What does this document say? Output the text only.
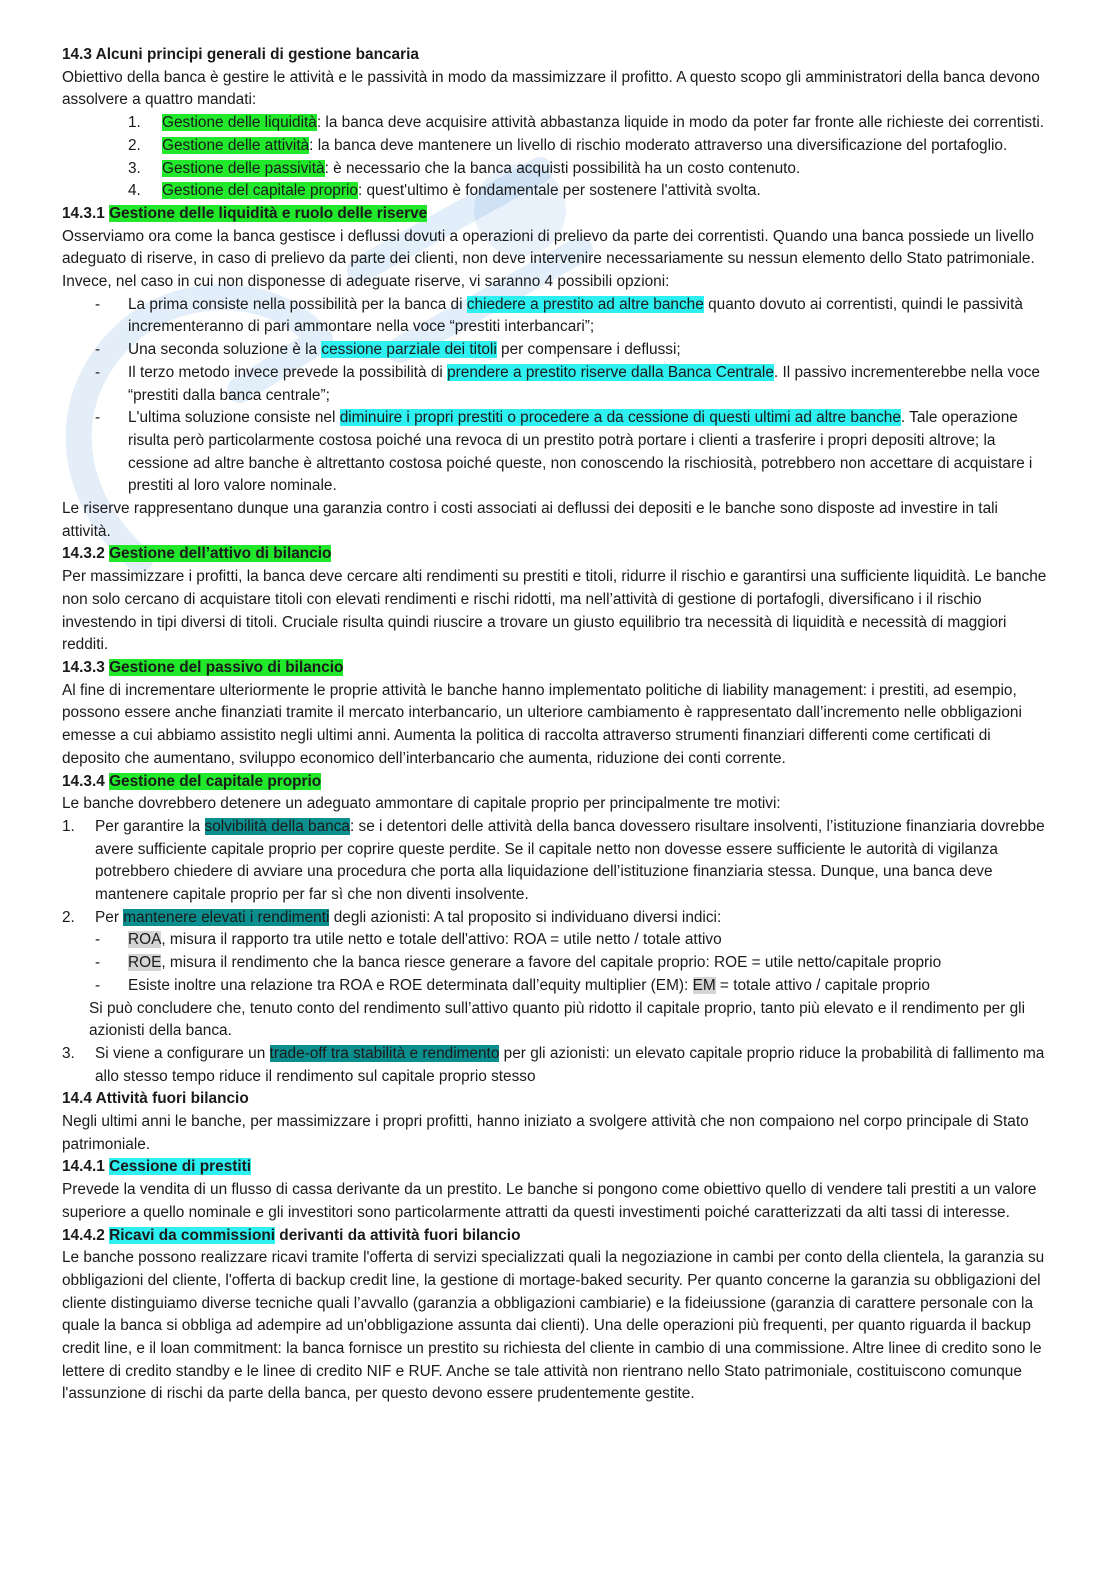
14.3 Alcuni principi generali di gestione bancaria

Obiettivo della banca è gestire le attività e le passività in modo da massimizzare il profitto. A questo scopo gli amministratori della banca devono assolvere a quattro mandati:

1. Gestione delle liquidità: la banca deve acquisire attività abbastanza liquide in modo da poter far fronte alle richieste dei correntisti.
2. Gestione delle attività: la banca deve mantenere un livello di rischio moderato attraverso una diversificazione del portafoglio.
3. Gestione delle passività: è necessario che la banca acquisti possibilità ha un costo contenuto.
4. Gestione del capitale proprio: quest'ultimo è fondamentale per sostenere l'attività svolta.

14.3.1 Gestione delle liquidità e ruolo delle riserve

Osserviamo ora come la banca gestisce i deflussi dovuti a operazioni di prelievo da parte dei correntisti. Quando una banca possiede un livello adeguato di riserve, in caso di prelievo da parte dei clienti, non deve intervenire necessariamente su nessun elemento dello Stato patrimoniale. Invece, nel caso in cui non disponesse di adeguate riserve, vi saranno 4 possibili opzioni:

- La prima consiste nella possibilità per la banca di chiedere a prestito ad altre banche quanto dovuto ai correntisti, quindi le passività incrementeranno di pari ammontare nella voce “prestiti interbancari”;
- Una seconda soluzione è la cessione parziale dei titoli per compensare i deflussi;
- Il terzo metodo invece prevede la possibilità di prendere a prestito riserve dalla Banca Centrale. Il passivo incrementerebbe nella voce “prestiti dalla banca centrale”;
- L'ultima soluzione consiste nel diminuire i propri prestiti o procedere a da cessione di questi ultimi ad altre banche. Tale operazione risulta però particolarmente costosa poiché una revoca di un prestito potrà portare i clienti a trasferire i propri depositi altrove; la cessione ad altre banche è altrettanto costosa poiché queste, non conoscendo la rischiosità, potrebbero non accettare di acquistare i prestiti al loro valore nominale.

Le riserve rappresentano dunque una garanzia contro i costi associati ai deflussi dei depositi e le banche sono disposte ad investire in tali attività.

14.3.2 Gestione dell’attivo di bilancio

Per massimizzare i profitti, la banca deve cercare alti rendimenti su prestiti e titoli, ridurre il rischio e garantirsi una sufficiente liquidità. Le banche non solo cercano di acquistare titoli con elevati rendimenti e rischi ridotti, ma nell’attività di gestione di portafogli, diversificano i il rischio investendo in tipi diversi di titoli. Cruciale risulta quindi riuscire a trovare un giusto equilibrio tra necessità di liquidità e necessità di maggiori redditi.

14.3.3 Gestione del passivo di bilancio

Al fine di incrementare ulteriormente le proprie attività le banche hanno implementato politiche di liability management: i prestiti, ad esempio, possono essere anche finanziati tramite il mercato interbancario, un ulteriore cambiamento è rappresentato dall’incremento nelle obbligazioni emesse a cui abbiamo assistito negli ultimi anni. Aumenta la politica di raccolta attraverso strumenti finanziari differenti come certificati di deposito che aumentano, sviluppo economico dell’interbancario che aumenta, riduzione dei conti corrente.

14.3.4 Gestione del capitale proprio

Le banche dovrebbero detenere un adeguato ammontare di capitale proprio per principalmente tre motivi:

1. Per garantire la solvibilità della banca: se i detentori delle attività della banca dovessero risultare insolventi, l’istituzione finanziaria dovrebbe avere sufficiente capitale proprio per coprire queste perdite. Se il capitale netto non dovesse essere sufficiente le autorità di vigilanza potrebbero chiedere di avviare una procedura che porta alla liquidazione dell’istituzione finanziaria stessa. Dunque, una banca deve mantenere capitale proprio per far sì che non diventi insolvente.
2. Per mantenere elevati i rendimenti degli azionisti: A tal proposito si individuano diversi indici:
- ROA, misura il rapporto tra utile netto e totale dell'attivo: ROA = utile netto / totale attivo
- ROE, misura il rendimento che la banca riesce generare a favore del capitale proprio: ROE = utile netto/capitale proprio
- Esiste inoltre una relazione tra ROA e ROE determinata dall’equity multiplier (EM): EM = totale attivo / capitale proprio

Si può concludere che, tenuto conto del rendimento sull’attivo quanto più ridotto il capitale proprio, tanto più elevato e il rendimento per gli azionisti della banca.

3. Si viene a configurare un trade-off tra stabilità e rendimento per gli azionisti: un elevato capitale proprio riduce la probabilità di fallimento ma allo stesso tempo riduce il rendimento sul capitale proprio stesso

14.4 Attività fuori bilancio

Negli ultimi anni le banche, per massimizzare i propri profitti, hanno iniziato a svolgere attività che non compaiono nel corpo principale di Stato patrimoniale.

14.4.1 Cessione di prestiti

Prevede la vendita di un flusso di cassa derivante da un prestito. Le banche si pongono come obiettivo quello di vendere tali prestiti a un valore superiore a quello nominale e gli investitori sono particolarmente attratti da questi investimenti poiché caratterizzati da alti tassi di interesse.

14.4.2 Ricavi da commissioni derivanti da attività fuori bilancio

Le banche possono realizzare ricavi tramite l'offerta di servizi specializzati quali la negoziazione in cambi per conto della clientela, la garanzia su obbligazioni del cliente, l'offerta di backup credit line, la gestione di mortage-baked security. Per quanto concerne la garanzia su obbligazioni del cliente distinguiamo diverse tecniche quali l’avvallo (garanzia a obbligazioni cambiarie) e la fideiussione (garanzia di carattere personale con la quale la banca si obbliga ad adempire ad un'obbligazione assunta dai clienti). Una delle operazioni più frequenti, per quanto riguarda il backup credit line, e il loan commitment: la banca fornisce un prestito su richiesta del cliente in cambio di una commissione. Altre linee di credito sono le lettere di credito standby e le linee di credito NIF e RUF. Anche se tale attività non rientrano nello Stato patrimoniale, costituiscono comunque l'assunzione di rischi da parte della banca, per questo devono essere prudentemente gestite.
